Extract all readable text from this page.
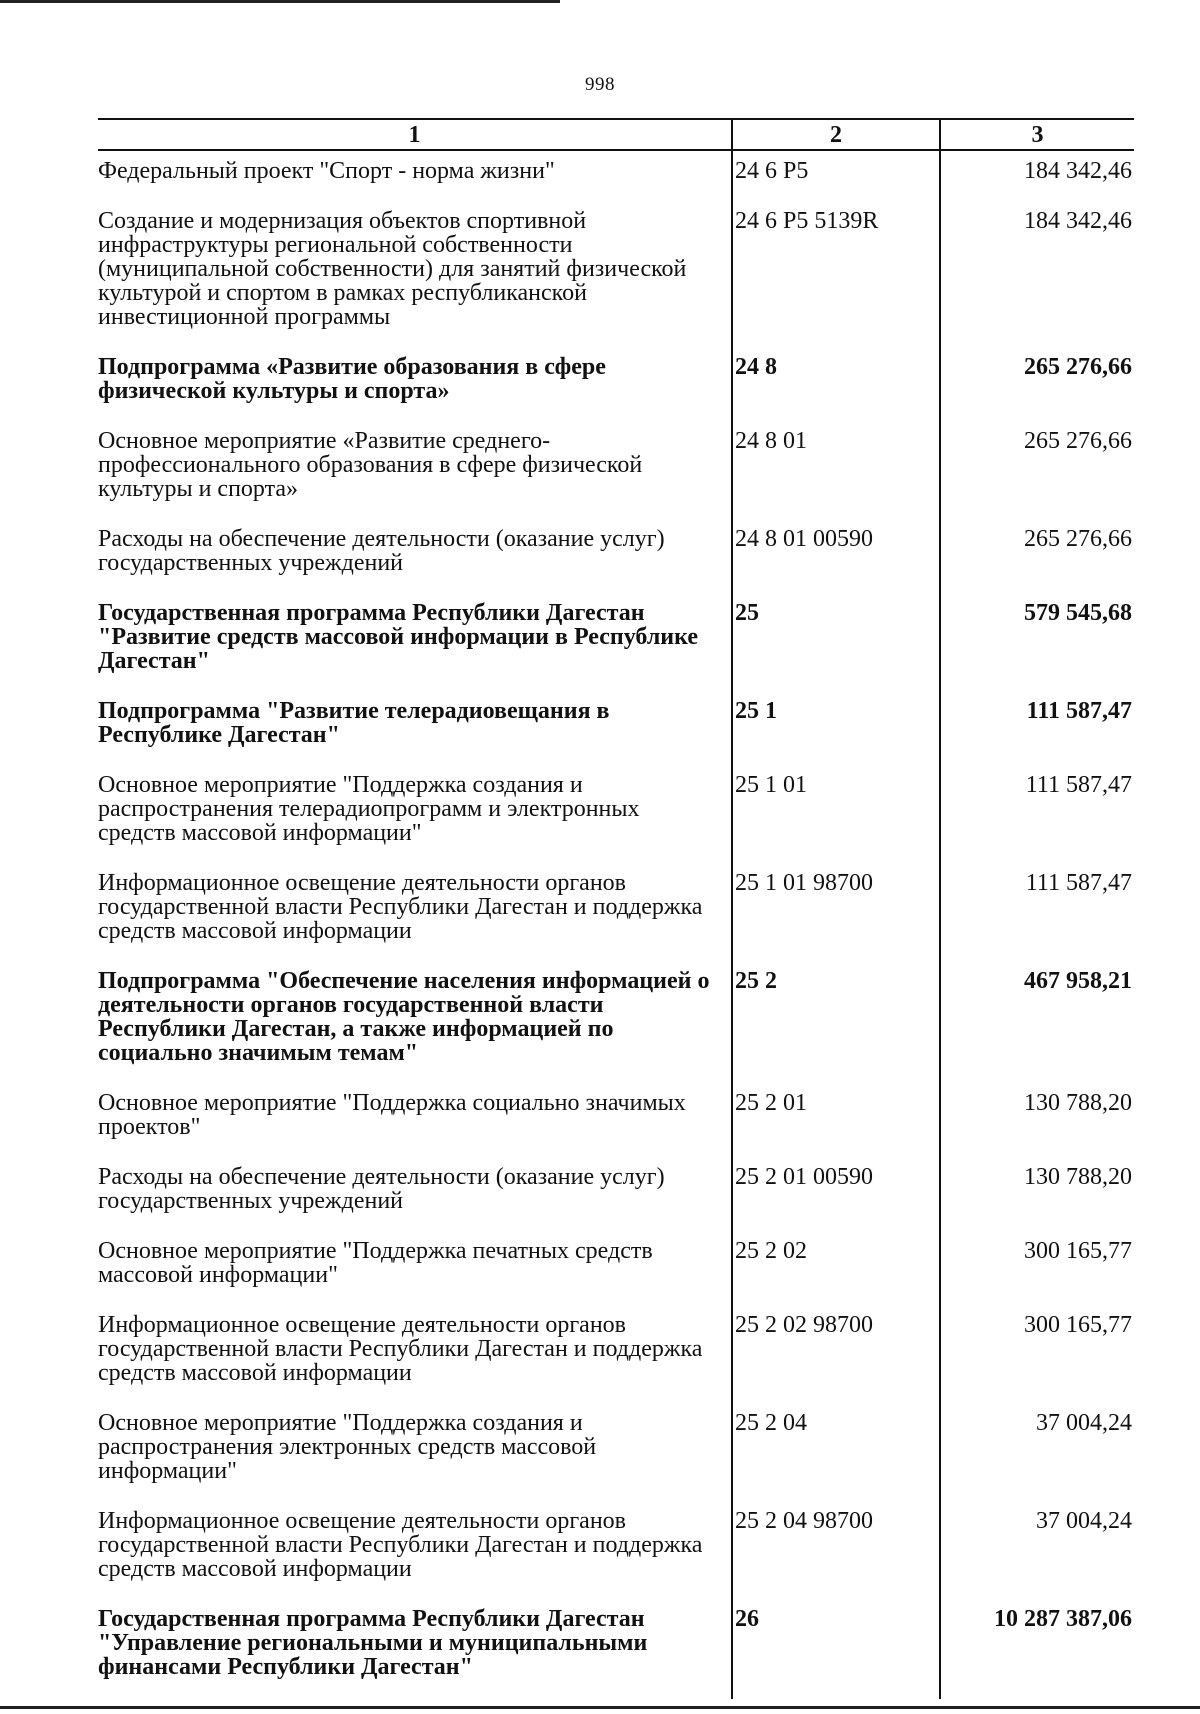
998
1	2	3
Федеральный проект "Спорт - норма жизни"	24 6 P5	184 342,46
Создание и модернизация объектов спортивной инфраструктуры региональной собственности (муниципальной собственности) для занятий физической культурой и спортом в рамках республиканской инвестиционной программы	24 6 P5 5139R	184 342,46
Подпрограмма «Развитие образования в сфере физической культуры и спорта»	24 8	265 276,66
Основное мероприятие «Развитие среднего-профессионального образования в сфере физической культуры и спорта»	24 8 01	265 276,66
Расходы на обеспечение деятельности (оказание услуг) государственных учреждений	24 8 01 00590	265 276,66
Государственная программа Республики Дагестан "Развитие средств массовой информации в Республике Дагестан"	25	579 545,68
Подпрограмма "Развитие телерадиовещания в Республике Дагестан"	25 1	111 587,47
Основное мероприятие "Поддержка создания и распространения телерадиопрограмм и электронных средств массовой информации"	25 1 01	111 587,47
Информационное освещение деятельности органов государственной власти Республики Дагестан и поддержка средств массовой информации	25 1 01 98700	111 587,47
Подпрограмма "Обеспечение населения информацией о деятельности органов государственной власти Республики Дагестан, а также информацией по социально значимым темам"	25 2	467 958,21
Основное мероприятие "Поддержка социально значимых проектов"	25 2 01	130 788,20
Расходы на обеспечение деятельности (оказание услуг) государственных учреждений	25 2 01 00590	130 788,20
Основное мероприятие "Поддержка печатных средств массовой информации"	25 2 02	300 165,77
Информационное освещение деятельности органов государственной власти Республики Дагестан и поддержка средств массовой информации	25 2 02 98700	300 165,77
Основное мероприятие "Поддержка создания и распространения электронных средств массовой информации"	25 2 04	37 004,24
Информационное освещение деятельности органов государственной власти Республики Дагестан и поддержка средств массовой информации	25 2 04 98700	37 004,24
Государственная программа Республики Дагестан "Управление региональными и муниципальными финансами Республики Дагестан"	26	10 287 387,06
